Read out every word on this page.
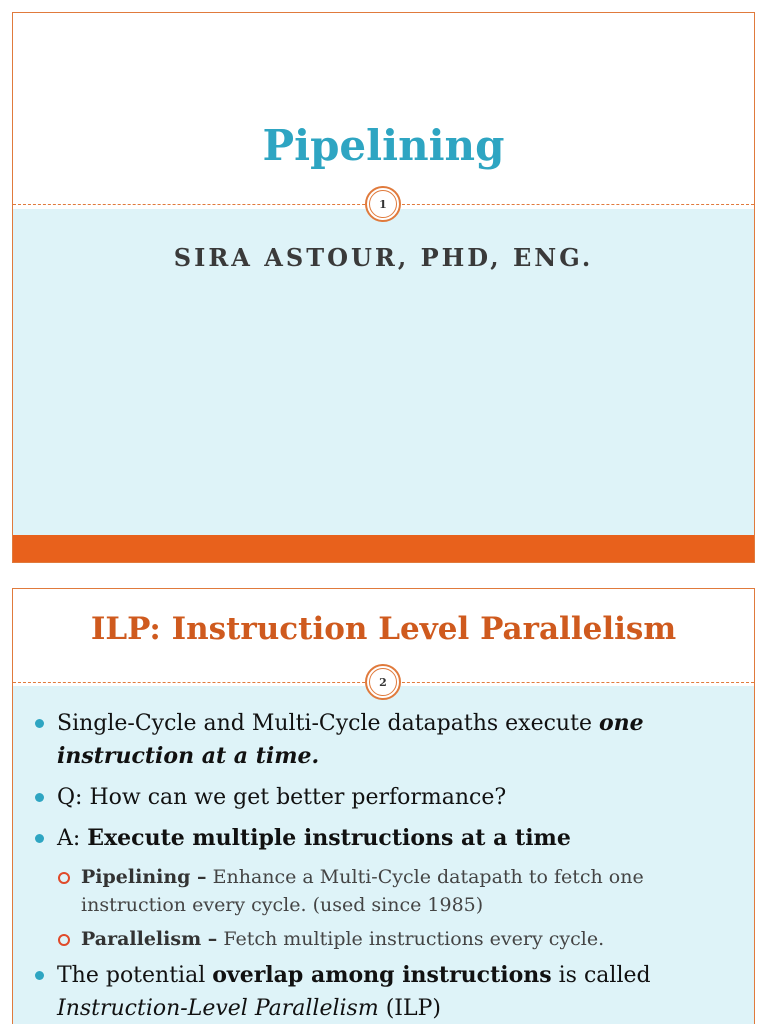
1
Pipelining
SIRA ASTOUR, PHD, ENG.
2
ILP: Instruction Level Parallelism
Single-Cycle and Multi-Cycle datapaths execute one instruction at a time.
Q: How can we get better performance?
A: Execute multiple instructions at a time
Pipelining – Enhance a Multi-Cycle datapath to fetch one instruction every cycle. (used since 1985)
Parallelism – Fetch multiple instructions every cycle.
The potential overlap among instructions is called Instruction-Level Parallelism (ILP)
